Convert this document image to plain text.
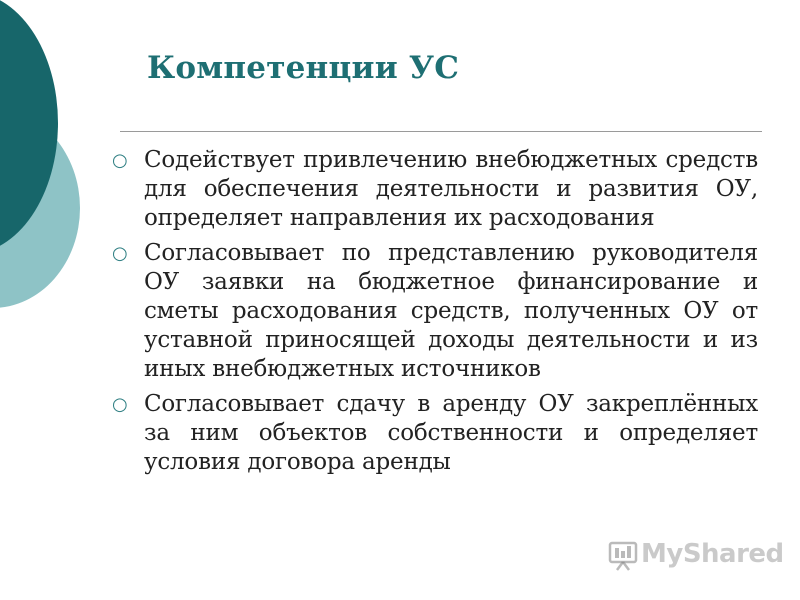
Компетенции УС
○ Содействует привлечению внебюджетных средств для обеспечения деятельности и развития ОУ, определяет направления их расходования
○ Согласовывает по представлению руководителя ОУ заявки на бюджетное финансирование и сметы расходования средств, полученных ОУ от уставной приносящей доходы деятельности и из иных внебюджетных источников
○ Согласовывает сдачу в аренду ОУ закреплённых за ним объектов собственности и определяет условия договора аренды
MyShared
